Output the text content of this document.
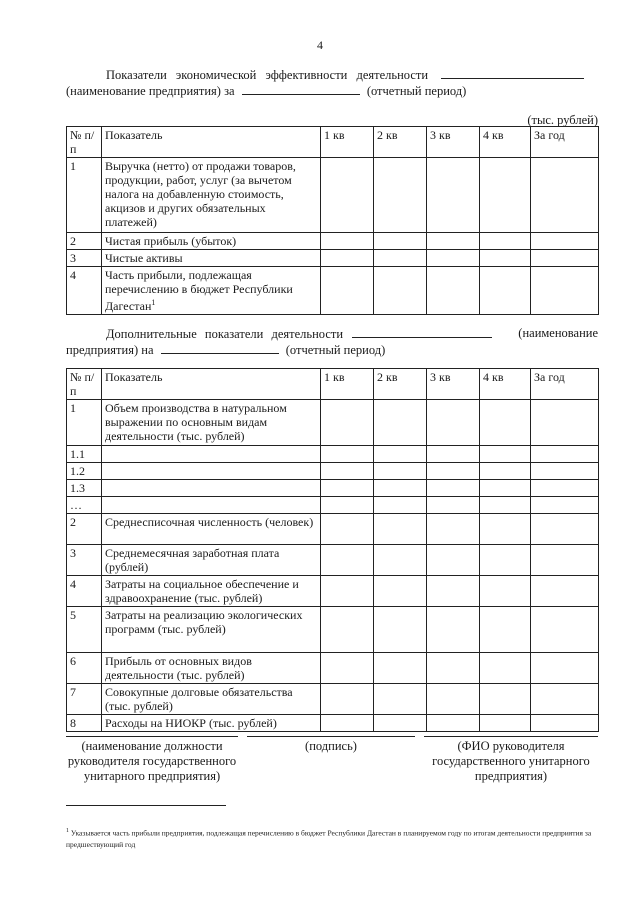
4
Показатели экономической эффективности деятельности
(наименование предприятия) за	(отчетный период)
(тыс. рублей)
№ п/п	Показатель	1 кв	2 кв	3 кв	4 кв	За год
1	Выручка (нетто) от продажи товаров, продукции, работ, услуг (за вычетом налога на добавленную стоимость, акцизов и других обязательных платежей)					
2	Чистая прибыль (убыток)					
3	Чистые активы					
4	Часть прибыли, подлежащая перечислению в бюджет Республики Дагестан$^1$					
Дополнительные показатели деятельности	(наименование
предприятия) на	(отчетный период)
№ п/п	Показатель	1 кв	2 кв	3 кв	4 кв	За год
1	Объем производства в натуральном выражении по основным видам деятельности (тыс. рублей)					
1.1						
1.2						
1.3						
…						
2	Среднесписочная численность (человек)					
3	Среднемесячная заработная плата (рублей)					
4	Затраты на социальное обеспечение и здравоохранение (тыс. рублей)					
5	Затраты на реализацию экологических программ (тыс. рублей)					
6	Прибыль от основных видов деятельности (тыс. рублей)					
7	Совокупные долговые обязательства (тыс. рублей)					
8	Расходы на НИОКР (тыс. рублей)					
(наименование должности руководителя государственного унитарного предприятия)
(подпись)	(ФИО руководителя государственного унитарного предприятия)
$^1$ Указывается часть прибыли предприятия, подлежащая перечислению в бюджет Республики Дагестан в планируемом году по итогам деятельности предприятия за предшествующий год
